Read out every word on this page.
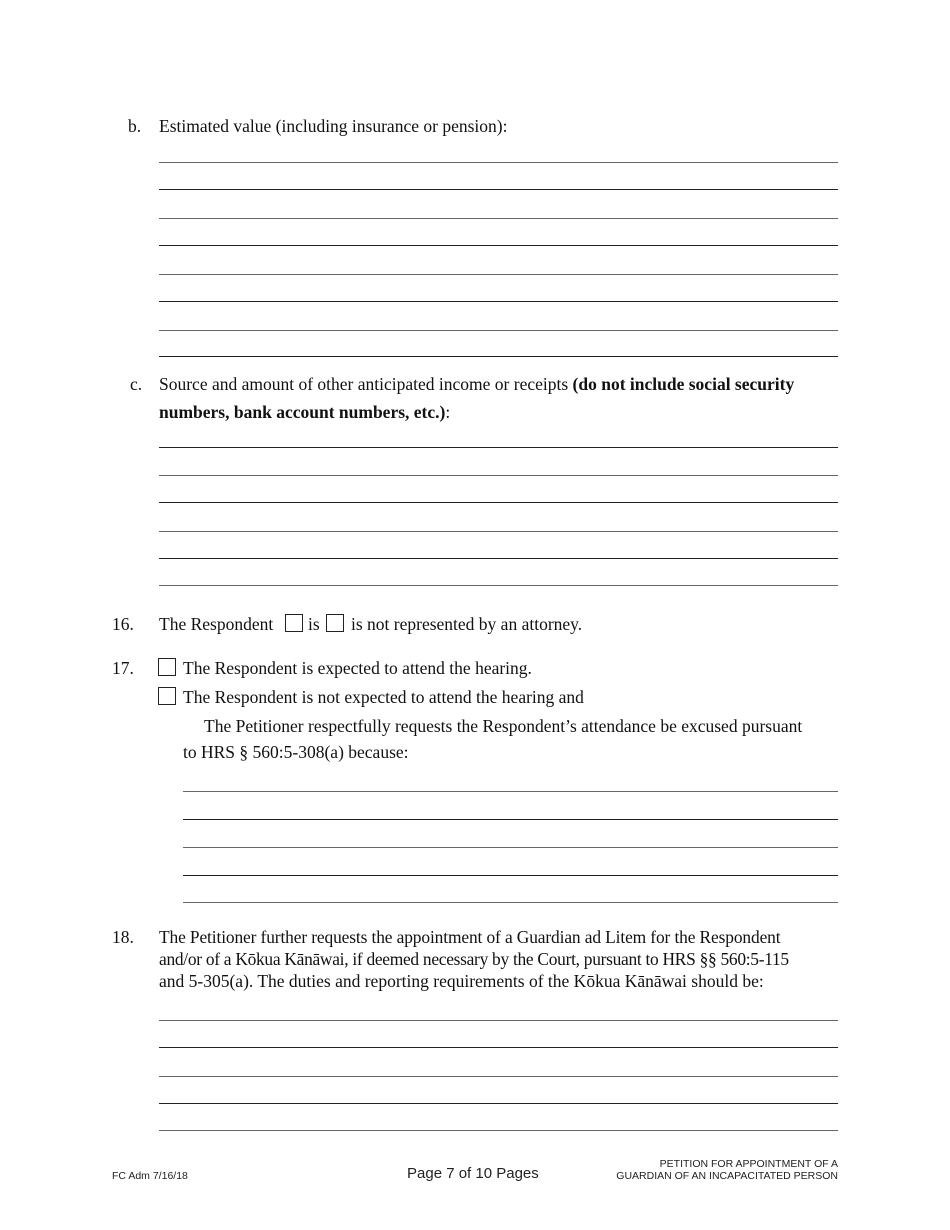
b. Estimated value (including insurance or pension):
c. Source and amount of other anticipated income or receipts (do not include social security
numbers, bank account numbers, etc.):
16. The Respondent is is not represented by an attorney.
17.	The Respondent is expected to attend the hearing.
The Respondent is not expected to attend the hearing and
The Petitioner respectfully requests the Respondent’s attendance be excused pursuant
to HRS § 560:5-308(a) because:
18. The Petitioner further requests the appointment of a Guardian ad Litem for the Respondent
and/or of a Kōkua Kānāwai, if deemed necessary by the Court, pursuant to HRS §§ 560:5-115
and 5-305(a). The duties and reporting requirements of the Kōkua Kānāwai should be:
FC Adm 7/16/18	Page 7 of 10 Pages
PETITION FOR APPOINTMENT OF A
GUARDIAN OF AN INCAPACITATED PERSON
